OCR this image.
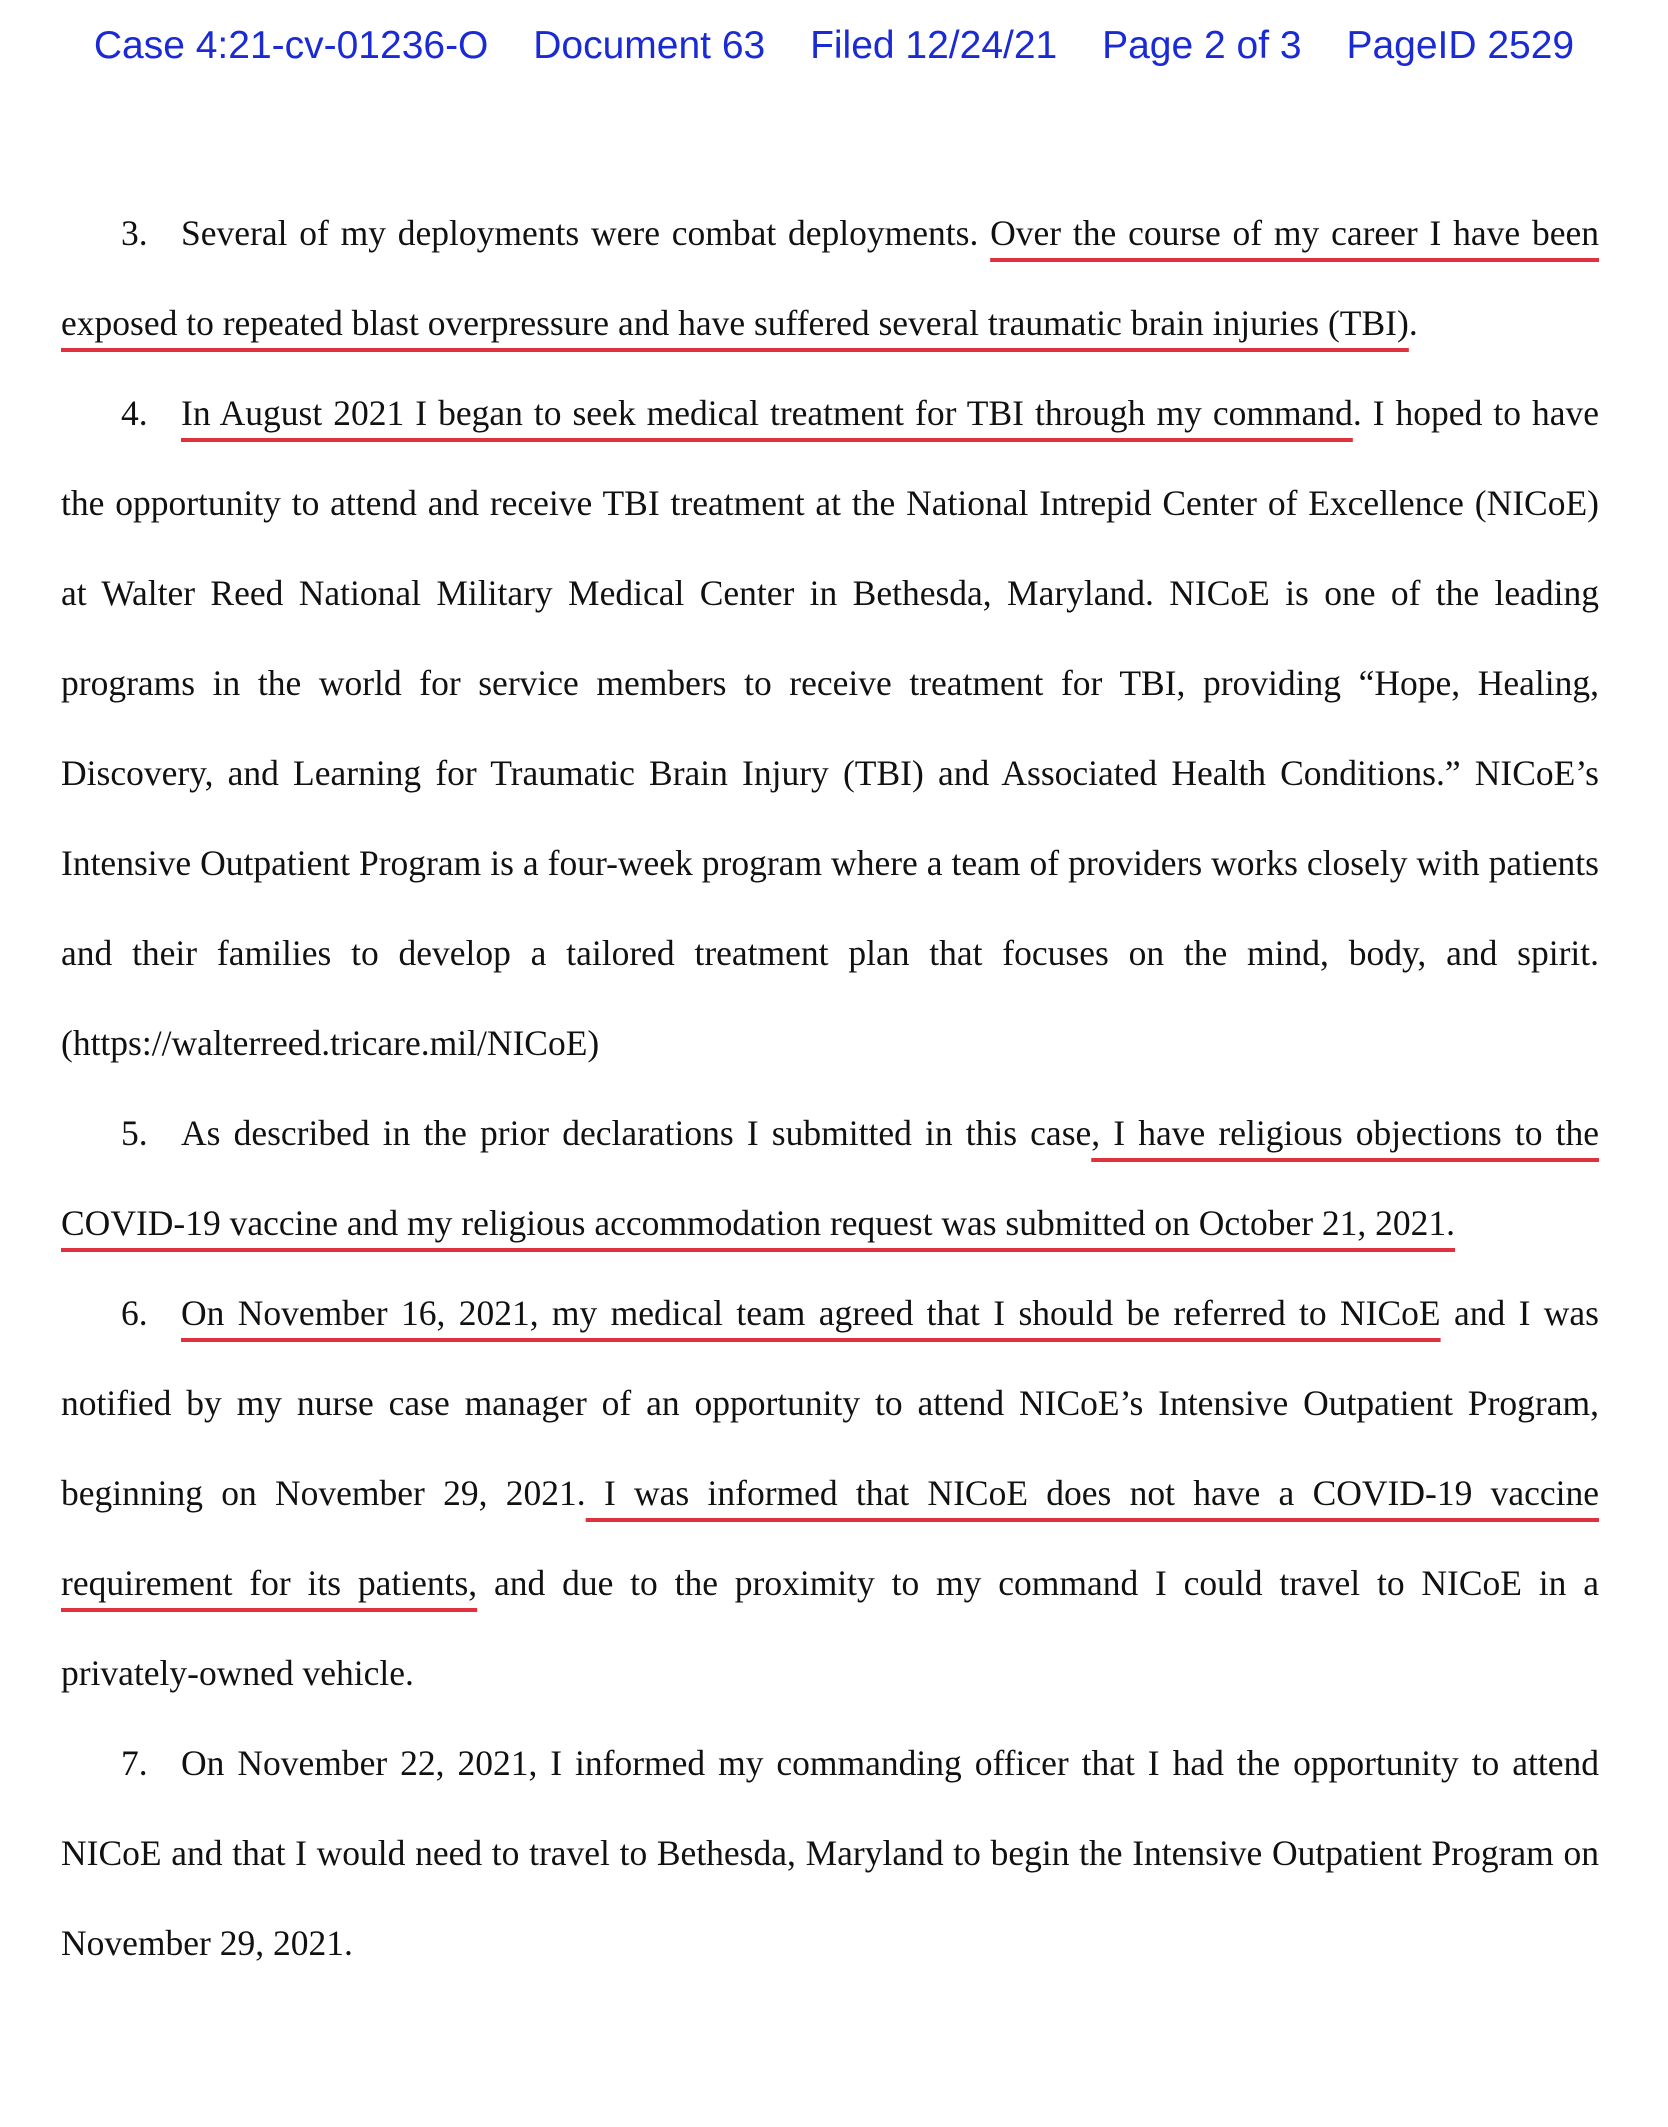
Case 4:21-cv-01236-O Document 63 Filed 12/24/21 Page 2 of 3 PageID 2529

3. Several of my deployments were combat deployments. Over the course of my career I have been exposed to repeated blast overpressure and have suffered several traumatic brain injuries (TBI).

4. In August 2021 I began to seek medical treatment for TBI through my command. I hoped to have the opportunity to attend and receive TBI treatment at the National Intrepid Center of Excellence (NICoE) at Walter Reed National Military Medical Center in Bethesda, Maryland. NICoE is one of the leading programs in the world for service members to receive treatment for TBI, providing “Hope, Healing, Discovery, and Learning for Traumatic Brain Injury (TBI) and Associated Health Conditions.” NICoE’s Intensive Outpatient Program is a four-week program where a team of providers works closely with patients and their families to develop a tailored treatment plan that focuses on the mind, body, and spirit. (https://walterreed.tricare.mil/NICoE)

5. As described in the prior declarations I submitted in this case, I have religious objections to the COVID-19 vaccine and my religious accommodation request was submitted on October 21, 2021.

6. On November 16, 2021, my medical team agreed that I should be referred to NICoE and I was notified by my nurse case manager of an opportunity to attend NICoE’s Intensive Outpatient Program, beginning on November 29, 2021. I was informed that NICoE does not have a COVID-19 vaccine requirement for its patients, and due to the proximity to my command I could travel to NICoE in a privately-owned vehicle.

7. On November 22, 2021, I informed my commanding officer that I had the opportunity to attend NICoE and that I would need to travel to Bethesda, Maryland to begin the Intensive Outpatient Program on November 29, 2021.
